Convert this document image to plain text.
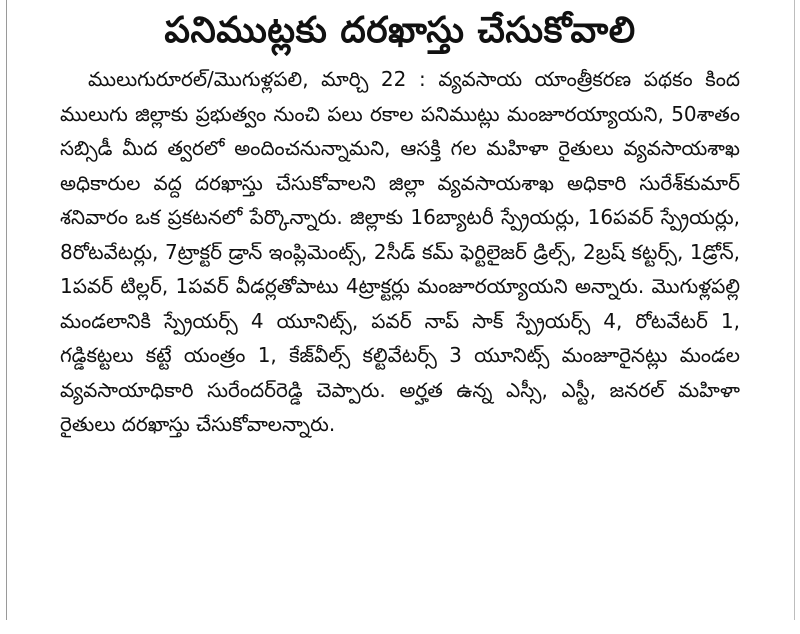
పనిముట్లకు దరఖాస్తు చేసుకోవాలి

ములుగురూరల్/మొగుళ్లపలి, మార్చి 22 : వ్యవసాయ యాంత్రీకరణ పథకం కింద ములుగు జిల్లాకు ప్రభుత్వం నుంచి పలు రకాల పనిముట్లు మంజూరయ్యాయని, 50శాతం సబ్సిడీ మీద త్వరలో అందించనున్నామని, ఆసక్తి గల మహిళా రైతులు వ్యవసాయశాఖ అధికారుల వద్ద దరఖాస్తు చేసుకోవాలని జిల్లా వ్యవసాయశాఖ అధికారి సురేశ్‌కుమార్ శనివారం ఒక ప్రకటనలో పేర్కొన్నారు. జిల్లాకు 16బ్యాటరీ స్ప్రేయర్లు, 16పవర్ స్ప్రేయర్లు, 8రోటవేటర్లు, 7ట్రాక్టర్ డ్రాన్ ఇంప్లిమెంట్స్, 2సీడ్ కమ్ ఫెర్టిలైజర్ డ్రిల్స్, 2బ్రష్ కట్టర్స్, 1డ్రోన్, 1పవర్ టిల్లర్, 1పవర్ వీడర్లతోపాటు 4ట్రాక్టర్లు మంజూరయ్యాయని అన్నారు. మొగుళ్లపల్లి మండలానికి స్ప్రేయర్స్ 4 యూనిట్స్, పవర్ నాప్ సాక్ స్ప్రేయర్స్ 4, రోటవేటర్ 1, గడ్డికట్టలు కట్టే యంత్రం 1, కేజ్‌వీల్స్ కల్టివేటర్స్ 3 యూనిట్స్ మంజూరైనట్లు మండల వ్యవసాయాధికారి సురేందర్‌రెడ్డి చెప్పారు. అర్హత ఉన్న ఎస్సీ, ఎస్టీ, జనరల్ మహిళా రైతులు దరఖాస్తు చేసుకోవాలన్నారు.
